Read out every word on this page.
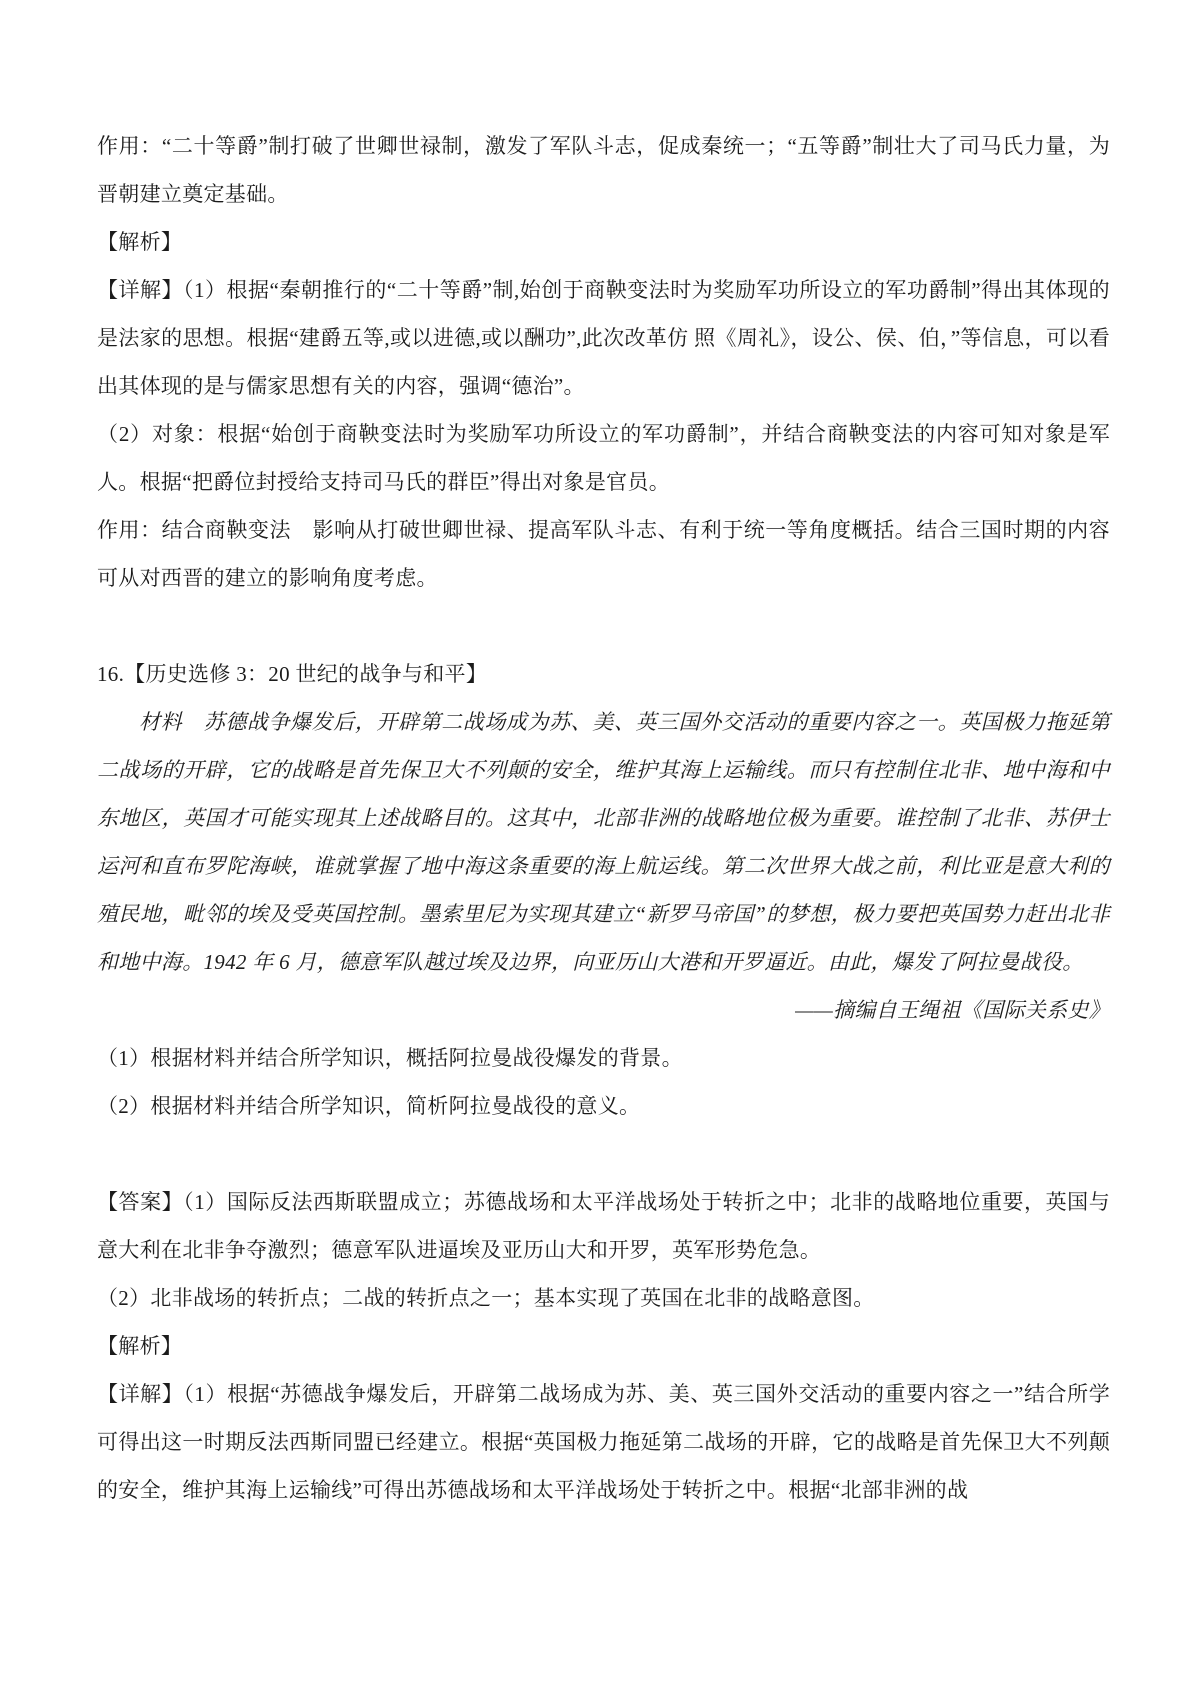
作用：“二十等爵”制打破了世卿世禄制，激发了军队斗志，促成秦统一；“五等爵”制壮大了司马氏力量，为晋朝建立奠定基础。

【解析】

【详解】（1）根据“秦朝推行的“二十等爵”制,始创于商鞅变法时为奖励军功所设立的军功爵制”得出其体现的是法家的思想。根据“建爵五等,或以进德,或以酬功”,此次改革仿 照《周礼》，设公、侯、伯，”等信息，可以看出其体现的是与儒家思想有关的内容，强调“德治”。

（2）对象：根据“始创于商鞅变法时为奖励军功所设立的军功爵制”，并结合商鞅变法的内容可知对象是军人。根据“把爵位封授给支持司马氏的群臣”得出对象是官员。

作用：结合商鞅变法　影响从打破世卿世禄、提高军队斗志、有利于统一等角度概括。结合三国时期的内容可从对西晋的建立的影响角度考虑。

16.【历史选修 3：20 世纪的战争与和平】

材料　苏德战争爆发后，开辟第二战场成为苏、美、英三国外交活动的重要内容之一。英国极力拖延第二战场的开辟，它的战略是首先保卫大不列颠的安全，维护其海上运输线。而只有控制住北非、地中海和中东地区，英国才可能实现其上述战略目的。这其中，北部非洲的战略地位极为重要。谁控制了北非、苏伊士运河和直布罗陀海峡，谁就掌握了地中海这条重要的海上航运线。第二次世界大战之前，利比亚是意大利的殖民地，毗邻的埃及受英国控制。墨索里尼为实现其建立“新罗马帝国”的梦想，极力要把英国势力赶出北非和地中海。1942 年 6 月，德意军队越过埃及边界，向亚历山大港和开罗逼近。由此，爆发了阿拉曼战役。

——摘编自王绳祖《国际关系史》

（1）根据材料并结合所学知识，概括阿拉曼战役爆发的背景。

（2）根据材料并结合所学知识，简析阿拉曼战役的意义。

【答案】（1）国际反法西斯联盟成立；苏德战场和太平洋战场处于转折之中；北非的战略地位重要，英国与意大利在北非争夺激烈；德意军队进逼埃及亚历山大和开罗，英军形势危急。

（2）北非战场的转折点；二战的转折点之一；基本实现了英国在北非的战略意图。

【解析】

【详解】（1）根据“苏德战争爆发后，开辟第二战场成为苏、美、英三国外交活动的重要内容之一”结合所学可得出这一时期反法西斯同盟已经建立。根据“英国极力拖延第二战场的开辟，它的战略是首先保卫大不列颠的安全，维护其海上运输线”可得出苏德战场和太平洋战场处于转折之中。根据“北部非洲的战
